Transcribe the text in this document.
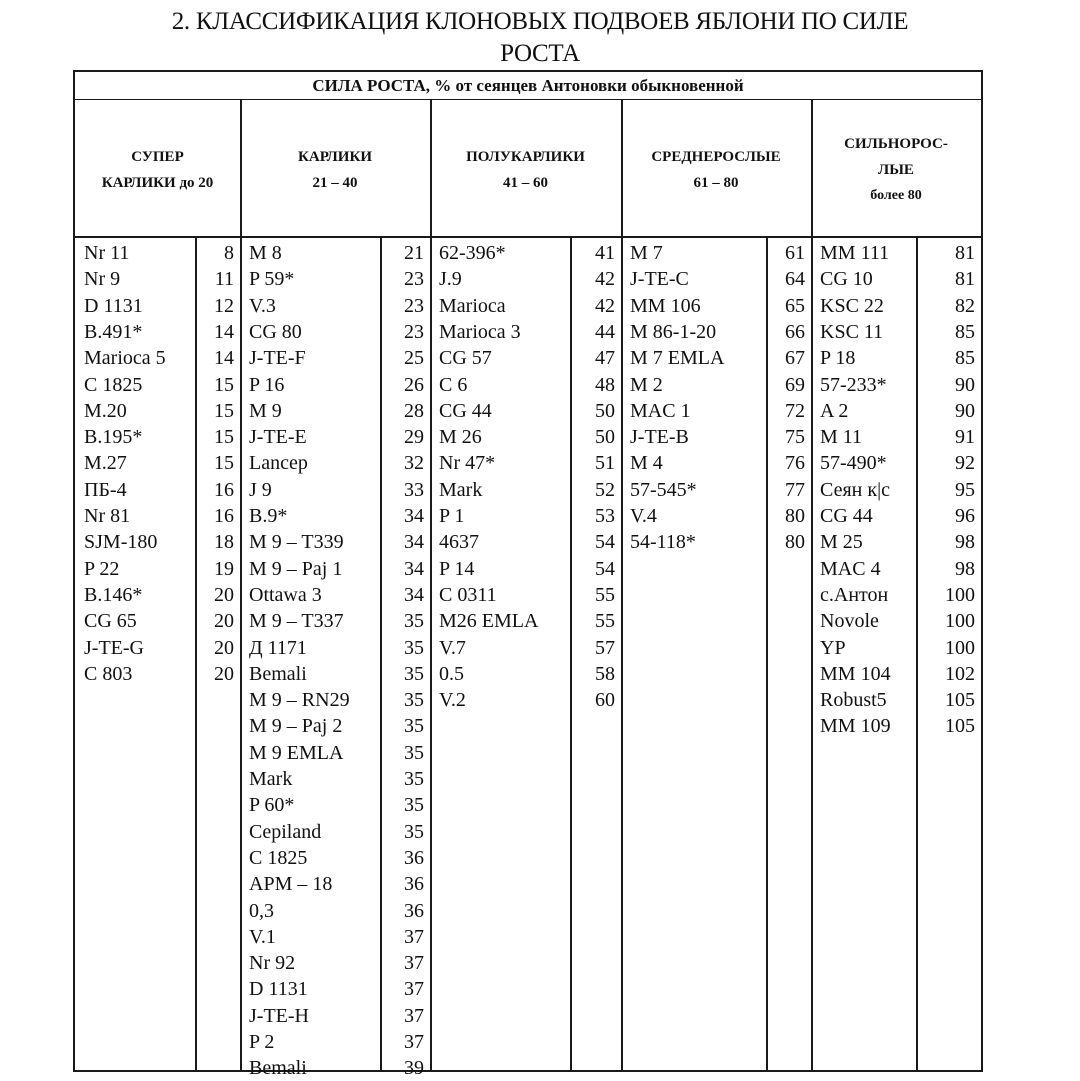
2. КЛАССИФИКАЦИЯ КЛОНОВЫХ ПОДВОЕВ ЯБЛОНИ ПО СИЛЕ
РОСТА
СИЛА РОСТА, % от сеянцев Антоновки обыкновенной
СУПЕР
КАРЛИКИ до 20
Nr 11	8
Nr 9	11
D 1131	12
B.491*	14
Marioca 5	14
C 1825	15
M.20	15
B.195*	15
M.27	15
ПБ-4	16
Nr 81	16
SJM-180	18
P 22	19
B.146*	20
CG 65	20
J-TE-G	20
C 803	20
КАРЛИКИ
21 – 40
M 8	21
P 59*	23
V.3	23
CG 80	23
J-TE-F	25
P 16	26
M 9	28
J-TE-E	29
Lancep	32
J 9	33
B.9*	34
M 9 – T339	34
M 9 – Paj 1	34
Ottawa 3	34
M 9 – T337	35
Д 1171	35
Bemali	35
M 9 – RN29	35
M 9 – Paj 2	35
M 9 EMLA	35
Mark	35
P 60*	35
Cepiland	35
C 1825	36
APM – 18	36
0,3	36
V.1	37
Nr 92	37
D 1131	37
J-TE-H	37
P 2	37
Bemali	39
ПОЛУКАРЛИКИ
41 – 60
62-396*	41
J.9	42
Marioca	42
Marioca 3	44
CG 57	47
C 6	48
CG 44	50
M 26	50
Nr 47*	51
Mark	52
P 1	53
4637	54
P 14	54
C 0311	55
M26 EMLA	55
V.7	57
0.5	58
V.2	60
СРЕДНЕРОСЛЫЕ
61 – 80
M 7	61
J-TE-C	64
MM 106	65
M 86-1-20	66
M 7 EMLA	67
M 2	69
MAC 1	72
J-TE-B	75
M 4	76
57-545*	77
V.4	80
54-118*	80
СИЛЬНОРОС-
ЛЫЕ
более 80
MM 111	81
CG 10	81
KSC 22	82
KSC 11	85
P 18	85
57-233*	90
A 2	90
M 11	91
57-490*	92
Сеян к|с	95
CG 44	96
M 25	98
MAC 4	98
с.Антон	100
Novole	100
YP	100
MM 104	102
Robust5	105
MM 109	105
